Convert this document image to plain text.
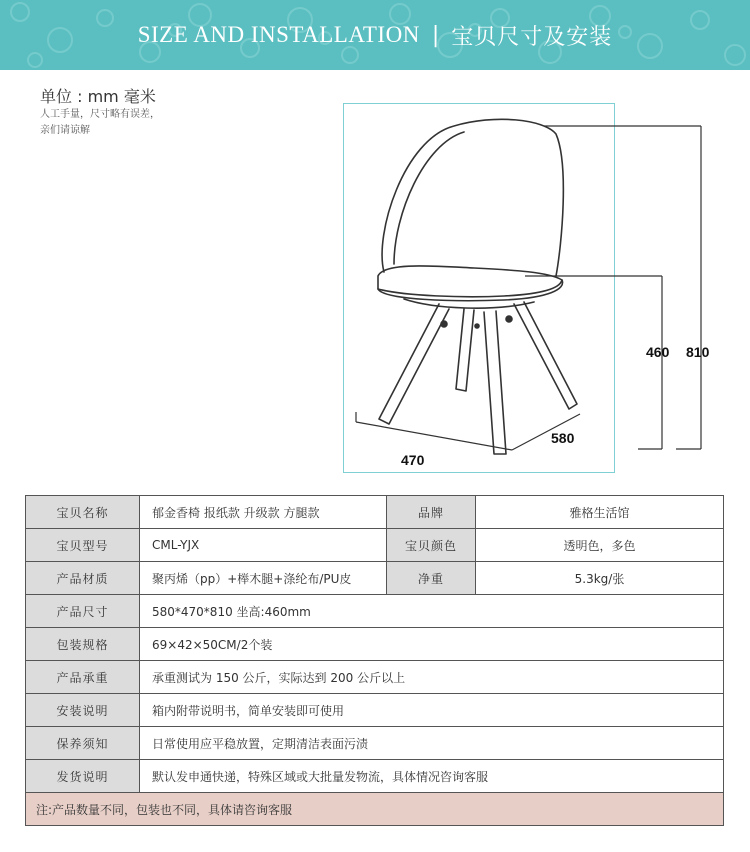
SIZE AND INSTALLATION | 宝贝尺寸及安装
单位 : mm 毫米
人工手量，尺寸略有误差，
亲们请谅解
470
580
460 810
宝贝名称	郁金香椅 报纸款 升级款 方腿款	品牌	雅格生活馆
宝贝型号	CML-YJX	宝贝颜色	透明色，多色
产品材质	聚丙烯（pp）+榉木腿+涤纶布/PU皮	净重	5.3kg/张
产品尺寸	580*470*810 坐高:460mm		
包装规格	69×42×50CM/2个装		
产品承重	承重测试为 150 公斤，实际达到 200 公斤以上		
安装说明	箱内附带说明书，简单安装即可使用		
保养须知	日常使用应平稳放置，定期清洁表面污渍		
发货说明	默认发申通快递，特殊区域或大批量发物流，具体情况咨询客服		
注:产品数量不同，包装也不同，具体请咨询客服			
